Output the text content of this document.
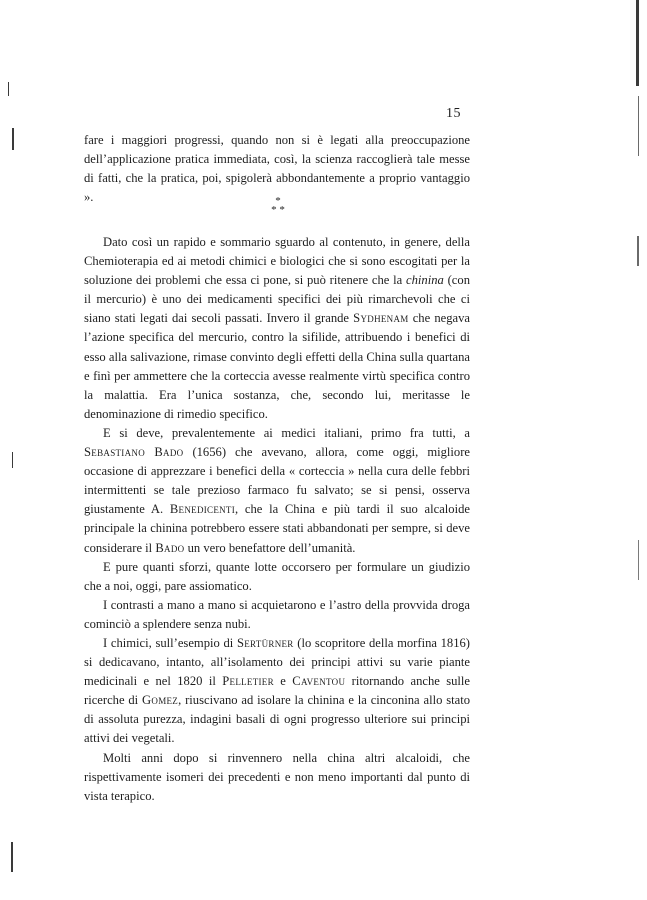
15

fare i maggiori progressi, quando non si è legati alla preoccupazione dell’applicazione pratica immediata, così, la scienza raccoglierà tale messe di fatti, che la pratica, poi, spigolerà abbondantemente a proprio vantaggio ».	*
* *

Dato così un rapido e sommario sguardo al contenuto, in genere, della Chemioterapia ed ai metodi chimici e biologici che si sono escogitati per la soluzione dei problemi che essa ci pone, si può ritenere che la chinina (con il mercurio) è uno dei medicamenti specifici dei più rimarchevoli che ci siano stati legati dai secoli passati. Invero il grande Sydhenam che negava l’azione specifica del mercurio, contro la sifilide, attribuendo i benefici di esso alla salivazione, rimase convinto degli effetti della China sulla quartana e finì per ammettere che la corteccia avesse realmente virtù specifica contro la malattia. Era l’unica sostanza, che, secondo lui, meritasse le denominazione di rimedio specifico.

E si deve, prevalentemente ai medici italiani, primo fra tutti, a Sebastiano Bado (1656) che avevano, allora, come oggi, migliore occasione di apprezzare i benefici della « corteccia » nella cura delle febbri intermittenti se tale prezioso farmaco fu salvato; se si pensi, osserva giustamente A. Benedicenti, che la China e più tardi il suo alcaloide principale la chinina potrebbero essere stati abbandonati per sempre, si deve considerare il Bado un vero benefattore dell’umanità.

E pure quanti sforzi, quante lotte occorsero per formulare un giudizio che a noi, oggi, pare assiomatico.

I contrasti a mano a mano si acquietarono e l’astro della provvida droga cominciò a splendere senza nubi.

I chimici, sull’esempio di Sertürner (lo scopritore della morfina 1816) si dedicavano, intanto, all’isolamento dei principi attivi su varie piante medicinali e nel 1820 il Pelletier e Caventou ritornando anche sulle ricerche di Gomez, riuscivano ad isolare la chinina e la cinconina allo stato di assoluta purezza, indagini basali di ogni progresso ulteriore sui principi attivi dei vegetali.

Molti anni dopo si rinvennero nella china altri alcaloidi, che rispettivamente isomeri dei precedenti e non meno importanti dal punto di vista terapico.
